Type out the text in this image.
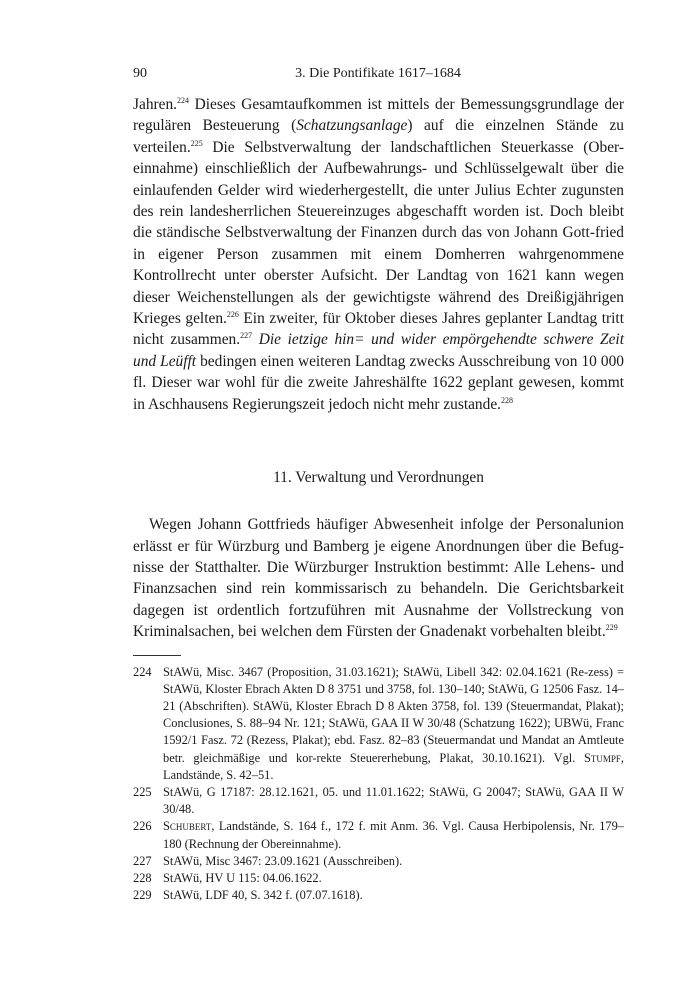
90	3. Die Pontifikate 1617–1684

Jahren.$^{224}$ Dieses Gesamtaufkommen ist mittels der Bemessungsgrundlage der regulären Besteuerung (Schatzungsanlage) auf die einzelnen Stände zu verteilen.$^{225}$ Die Selbstverwaltung der landschaftlichen Steuerkasse (Ober-einnahme) einschließlich der Aufbewahrungs- und Schlüsselgewalt über die einlaufenden Gelder wird wiederhergestellt, die unter Julius Echter zugunsten des rein landesherrlichen Steuereinzuges abgeschafft worden ist. Doch bleibt die ständische Selbstverwaltung der Finanzen durch das von Johann Gott-fried in eigener Person zusammen mit einem Domherren wahrgenommene Kontrollrecht unter oberster Aufsicht. Der Landtag von 1621 kann wegen dieser Weichenstellungen als der gewichtigste während des Dreißigjährigen Krieges gelten.$^{226}$ Ein zweiter, für Oktober dieses Jahres geplanter Landtag tritt nicht zusammen.$^{227}$ Die ietzige hin= und wider empörgehendte schwere Zeit und Leüfft bedingen einen weiteren Landtag zwecks Ausschreibung von 10 000 fl. Dieser war wohl für die zweite Jahreshälfte 1622 geplant gewesen, kommt in Aschhausens Regierungszeit jedoch nicht mehr zustande.$^{228}$

11. Verwaltung und Verordnungen

Wegen Johann Gottfrieds häufiger Abwesenheit infolge der Personalunion erlässt er für Würzburg und Bamberg je eigene Anordnungen über die Befug-nisse der Statthalter. Die Würzburger Instruktion bestimmt: Alle Lehens- und Finanzsachen sind rein kommissarisch zu behandeln. Die Gerichtsbarkeit dagegen ist ordentlich fortzuführen mit Ausnahme der Vollstreckung von Kriminalsachen, bei welchen dem Fürsten der Gnadenakt vorbehalten bleibt.$^{229}$

224 StAWü, Misc. 3467 (Proposition, 31.03.1621); StAWü, Libell 342: 02.04.1621 (Re-zess) = StAWü, Kloster Ebrach Akten D 8 3751 und 3758, fol. 130–140; StAWü, G 12506 Fasz. 14–21 (Abschriften). StAWü, Kloster Ebrach D 8 Akten 3758, fol. 139 (Steuermandat, Plakat); Conclusiones, S. 88–94 Nr. 121; StAWü, GAA II W 30/48 (Schatzung 1622); UBWü, Franc 1592/1 Fasz. 72 (Rezess, Plakat); ebd. Fasz. 82–83 (Steuermandat und Mandat an Amtleute betr. gleichmäßige und kor-rekte Steuererhebung, Plakat, 30.10.1621). Vgl. Stumpf, Landstände, S. 42–51.
225 StAWü, G 17187: 28.12.1621, 05. und 11.01.1622; StAWü, G 20047; StAWü, GAA II W 30/48.
226 Schubert, Landstände, S. 164 f., 172 f. mit Anm. 36. Vgl. Causa Herbipolensis, Nr. 179–180 (Rechnung der Obereinnahme).
227 StAWü, Misc 3467: 23.09.1621 (Ausschreiben).
228 StAWü, HV U 115: 04.06.1622.
229 StAWü, LDF 40, S. 342 f. (07.07.1618).
